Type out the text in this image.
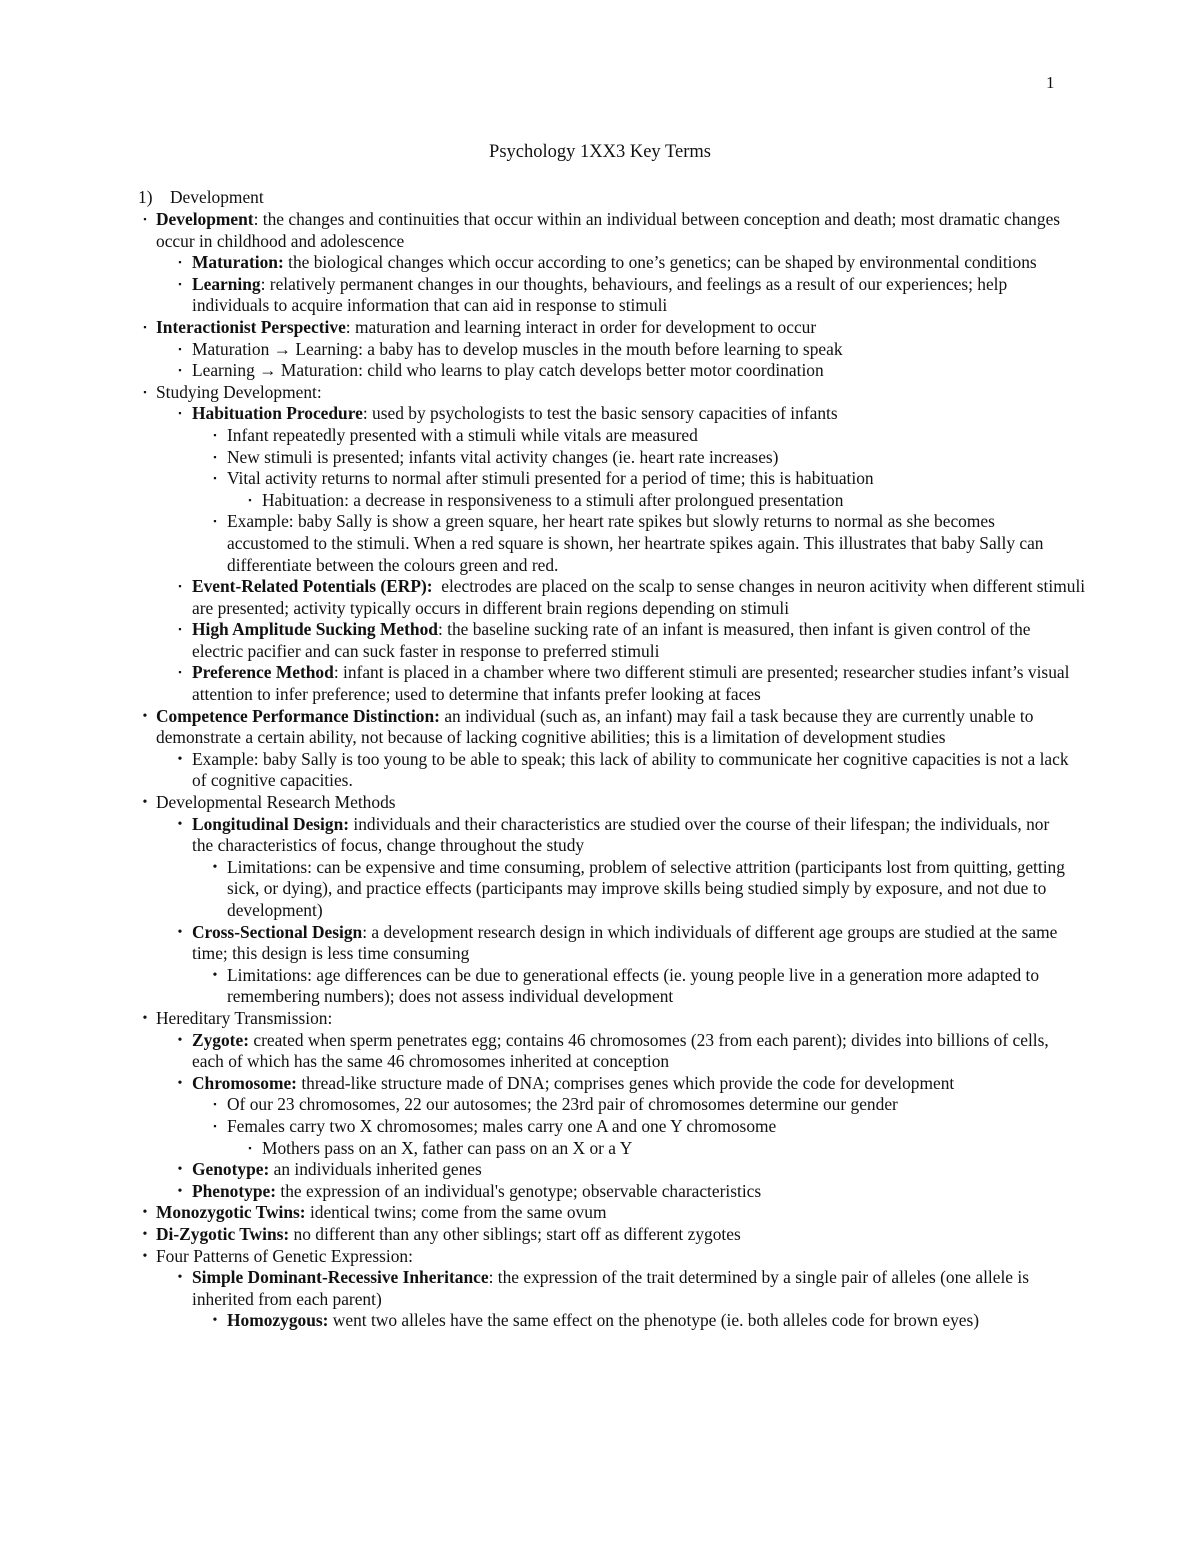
1
Psychology 1XX3 Key Terms
1) Development
▪ Development: the changes and continuities that occur within an individual between conception and death; most dramatic changes occur in childhood and adolescence
▪ Maturation: the biological changes which occur according to one’s genetics; can be shaped by environmental conditions
▪ Learning: relatively permanent changes in our thoughts, behaviours, and feelings as a result of our experiences; help individuals to acquire information that can aid in response to stimuli
▪ Interactionist Perspective: maturation and learning interact in order for development to occur
▪ Maturation → Learning: a baby has to develop muscles in the mouth before learning to speak
▪ Learning → Maturation: child who learns to play catch develops better motor coordination
▪ Studying Development:
▪ Habituation Procedure: used by psychologists to test the basic sensory capacities of infants
▪ Infant repeatedly presented with a stimuli while vitals are measured
▪ New stimuli is presented; infants vital activity changes (ie. heart rate increases)
▪ Vital activity returns to normal after stimuli presented for a period of time; this is habituation
▪ Habituation: a decrease in responsiveness to a stimuli after prolongued presentation
▪ Example: baby Sally is show a green square, her heart rate spikes but slowly returns to normal as she becomes accustomed to the stimuli. When a red square is shown, her heartrate spikes again. This illustrates that baby Sally can differentiate between the colours green and red.
▪ Event-Related Potentials (ERP):  electrodes are placed on the scalp to sense changes in neuron acitivity when different stimuli are presented; activity typically occurs in different brain regions depending on stimuli
▪ High Amplitude Sucking Method: the baseline sucking rate of an infant is measured, then infant is given control of the electric pacifier and can suck faster in response to preferred stimuli
▪ Preference Method: infant is placed in a chamber where two different stimuli are presented; researcher studies infant’s visual attention to infer preference; used to determine that infants prefer looking at faces
• Competence Performance Distinction: an individual (such as, an infant) may fail a task because they are currently unable to demonstrate a certain ability, not because of lacking cognitive abilities; this is a limitation of development studies
• Example: baby Sally is too young to be able to speak; this lack of ability to communicate her cognitive capacities is not a lack of cognitive capacities.
• Developmental Research Methods
• Longitudinal Design: individuals and their characteristics are studied over the course of their lifespan; the individuals, nor the characteristics of focus, change throughout the study
• Limitations: can be expensive and time consuming, problem of selective attrition (participants lost from quitting, getting sick, or dying), and practice effects (participants may improve skills being studied simply by exposure, and not due to development)
• Cross-Sectional Design: a development research design in which individuals of different age groups are studied at the same time; this design is less time consuming
• Limitations: age differences can be due to generational effects (ie. young people live in a generation more adapted to remembering numbers); does not assess individual development
• Hereditary Transmission:
• Zygote: created when sperm penetrates egg; contains 46 chromosomes (23 from each parent); divides into billions of cells, each of which has the same 46 chromosomes inherited at conception
• Chromosome: thread-like structure made of DNA; comprises genes which provide the code for development
▪ Of our 23 chromosomes, 22 our autosomes; the 23rd pair of chromosomes determine our gender
▪ Females carry two X chromosomes; males carry one A and one Y chromosome
▪ Mothers pass on an X, father can pass on an X or a Y
• Genotype: an individuals inherited genes
• Phenotype: the expression of an individual's genotype; observable characteristics
• Monozygotic Twins: identical twins; come from the same ovum
• Di-Zygotic Twins: no different than any other siblings; start off as different zygotes
• Four Patterns of Genetic Expression:
• Simple Dominant-Recessive Inheritance: the expression of the trait determined by a single pair of alleles (one allele is inherited from each parent)
• Homozygous: went two alleles have the same effect on the phenotype (ie. both alleles code for brown eyes)
